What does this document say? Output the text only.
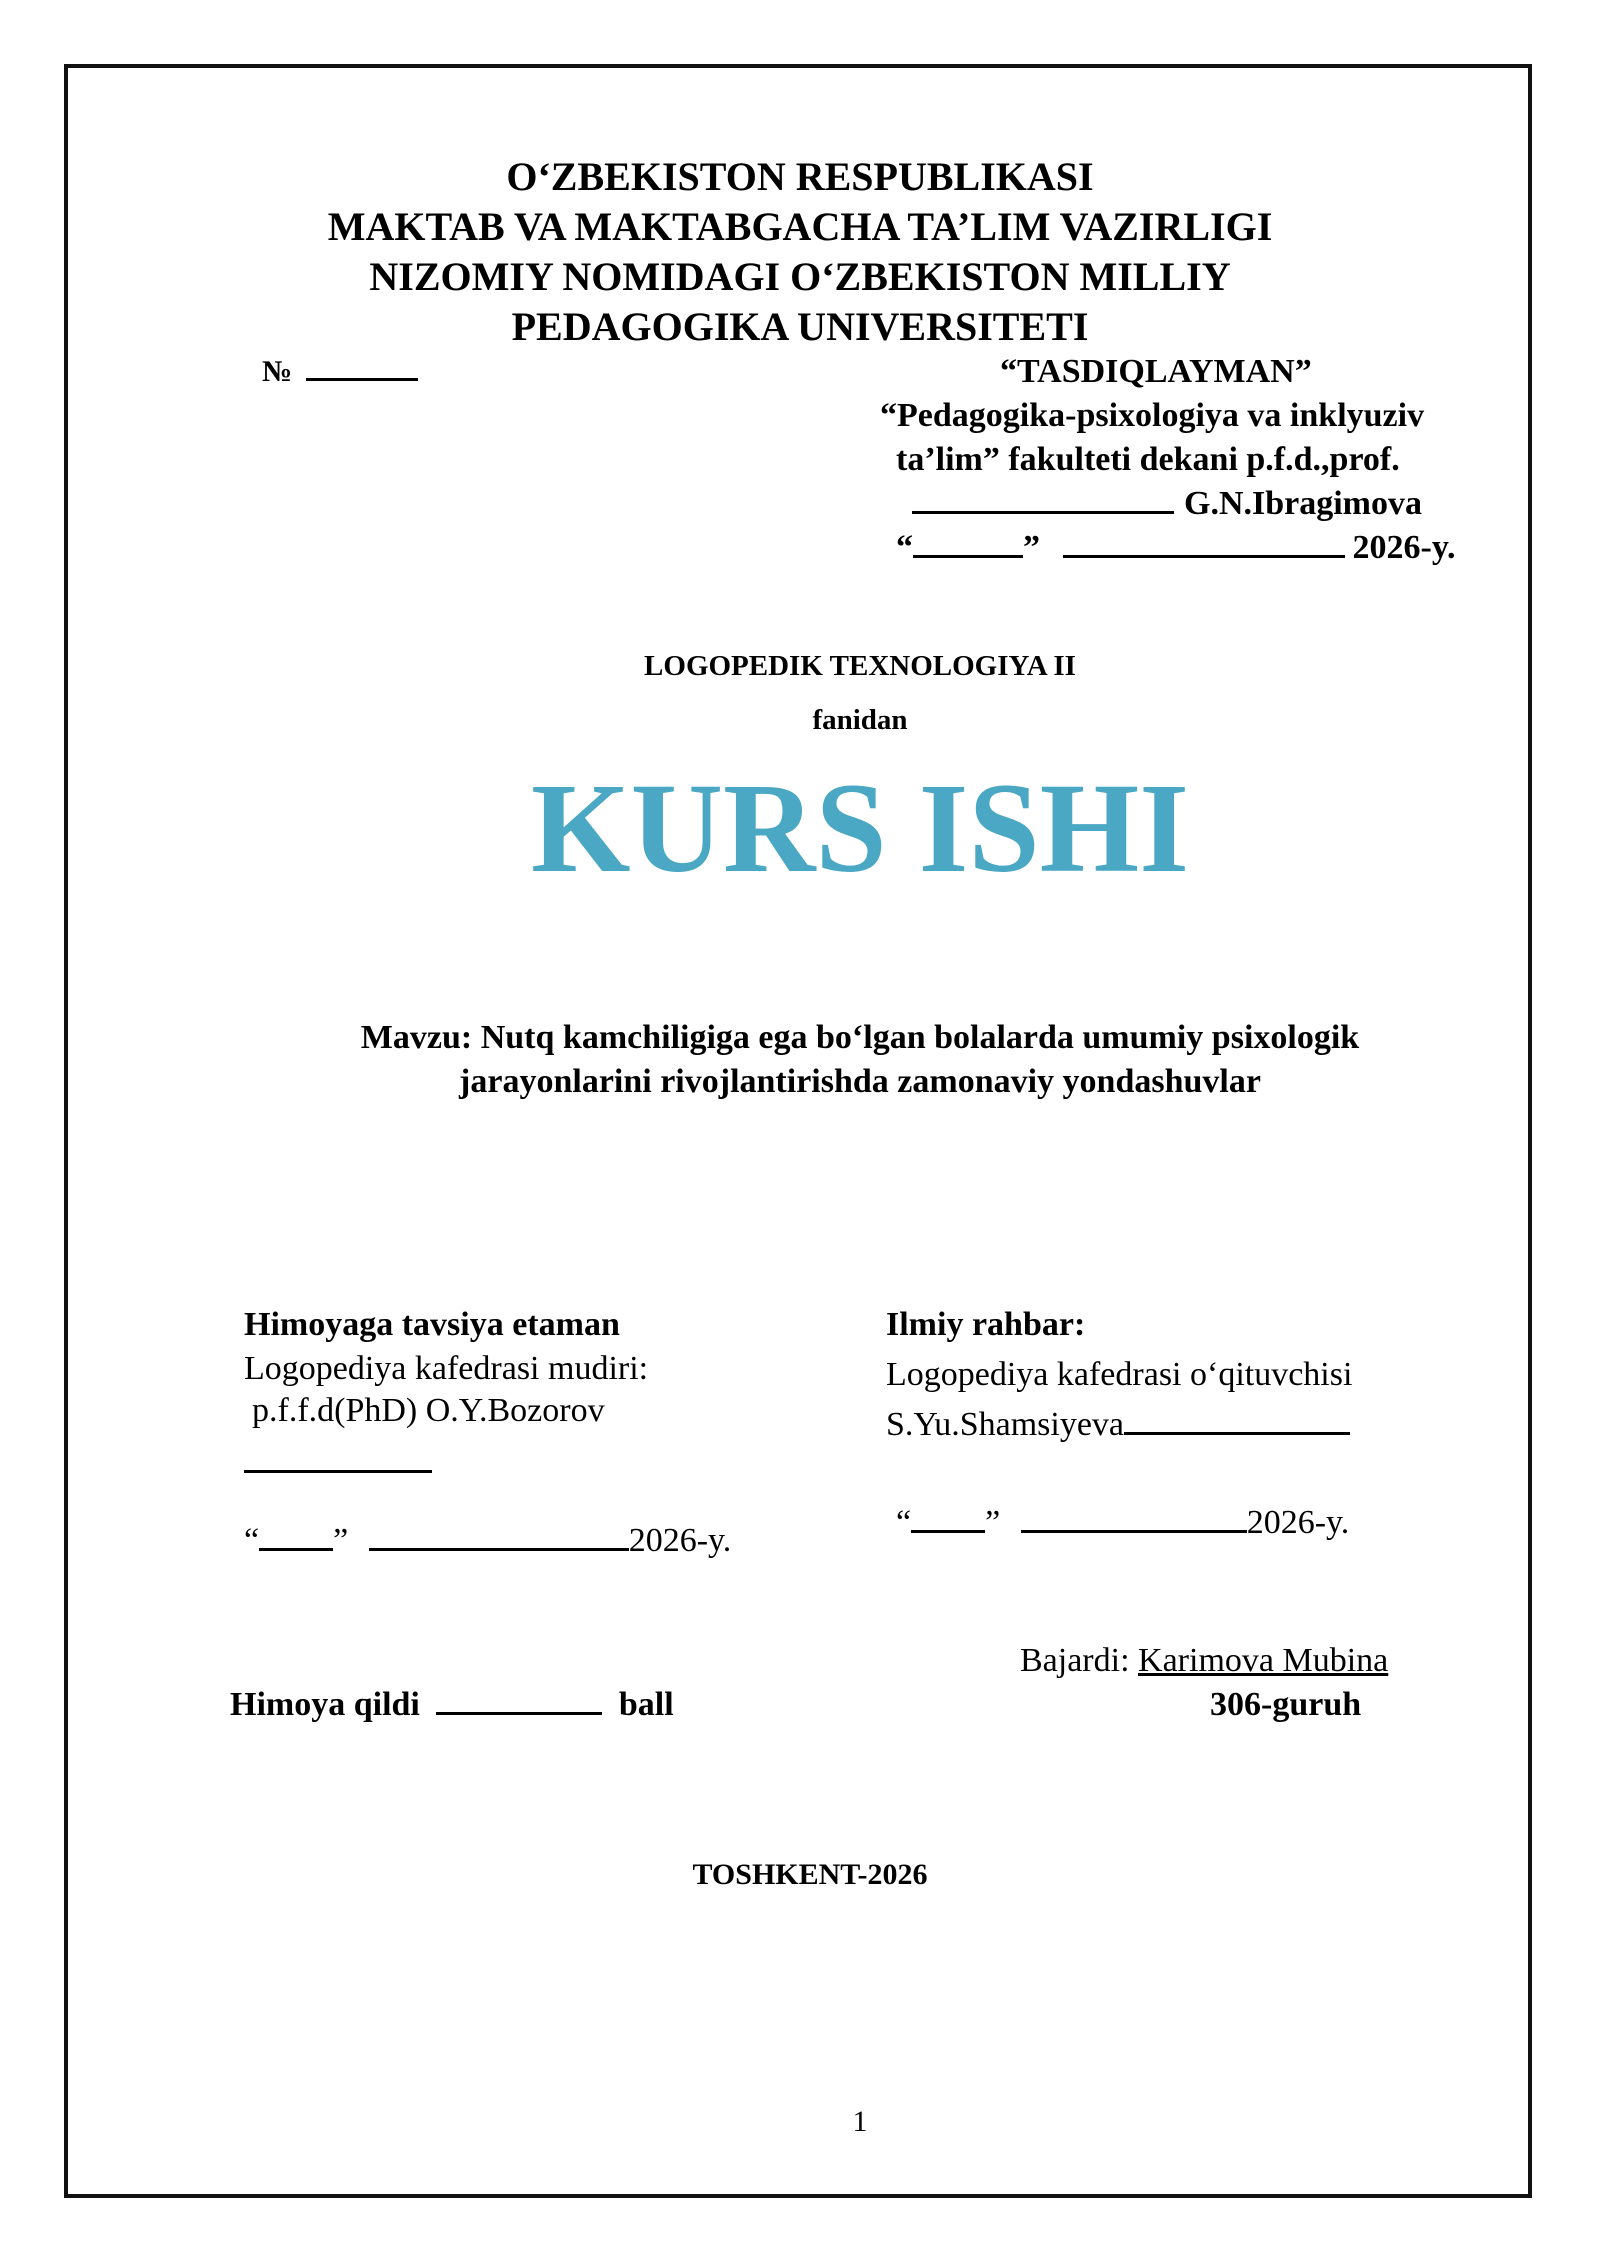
O‘ZBEKISTON RESPUBLIKASI
MAKTAB VA MAKTABGACHA TA’LIM VAZIRLIGI
NIZOMIY NOMIDAGI O‘ZBEKISTON MILLIY
PEDAGOGIKA UNIVERSITETI
№	“TASDIQLAYMAN”
“Pedagogika-psixologiya va inklyuziv
ta’lim” fakulteti dekani p.f.d.,prof.
G.N.Ibragimova
“	”	2026-y.
LOGOPEDIK TEXNOLOGIYA II
fanidan
KURS ISHI
Mavzu: Nutq kamchiligiga ega bo‘lgan bolalarda umumiy psixologik
jarayonlarini rivojlantirishda zamonaviy yondashuvlar
Himoyaga tavsiya etaman
Logopediya kafedrasi mudiri:
p.f.f.d(PhD) O.Y.Bozorov
“ ”	2026-y.
Ilmiy rahbar:
Logopediya kafedrasi o‘qituvchisi
S.Yu.Shamsiyeva
“ ”	2026-y.
Bajardi: Karimova Mubina
306-guruh
Himoya qildi	ball
TOSHKENT-2026
1
